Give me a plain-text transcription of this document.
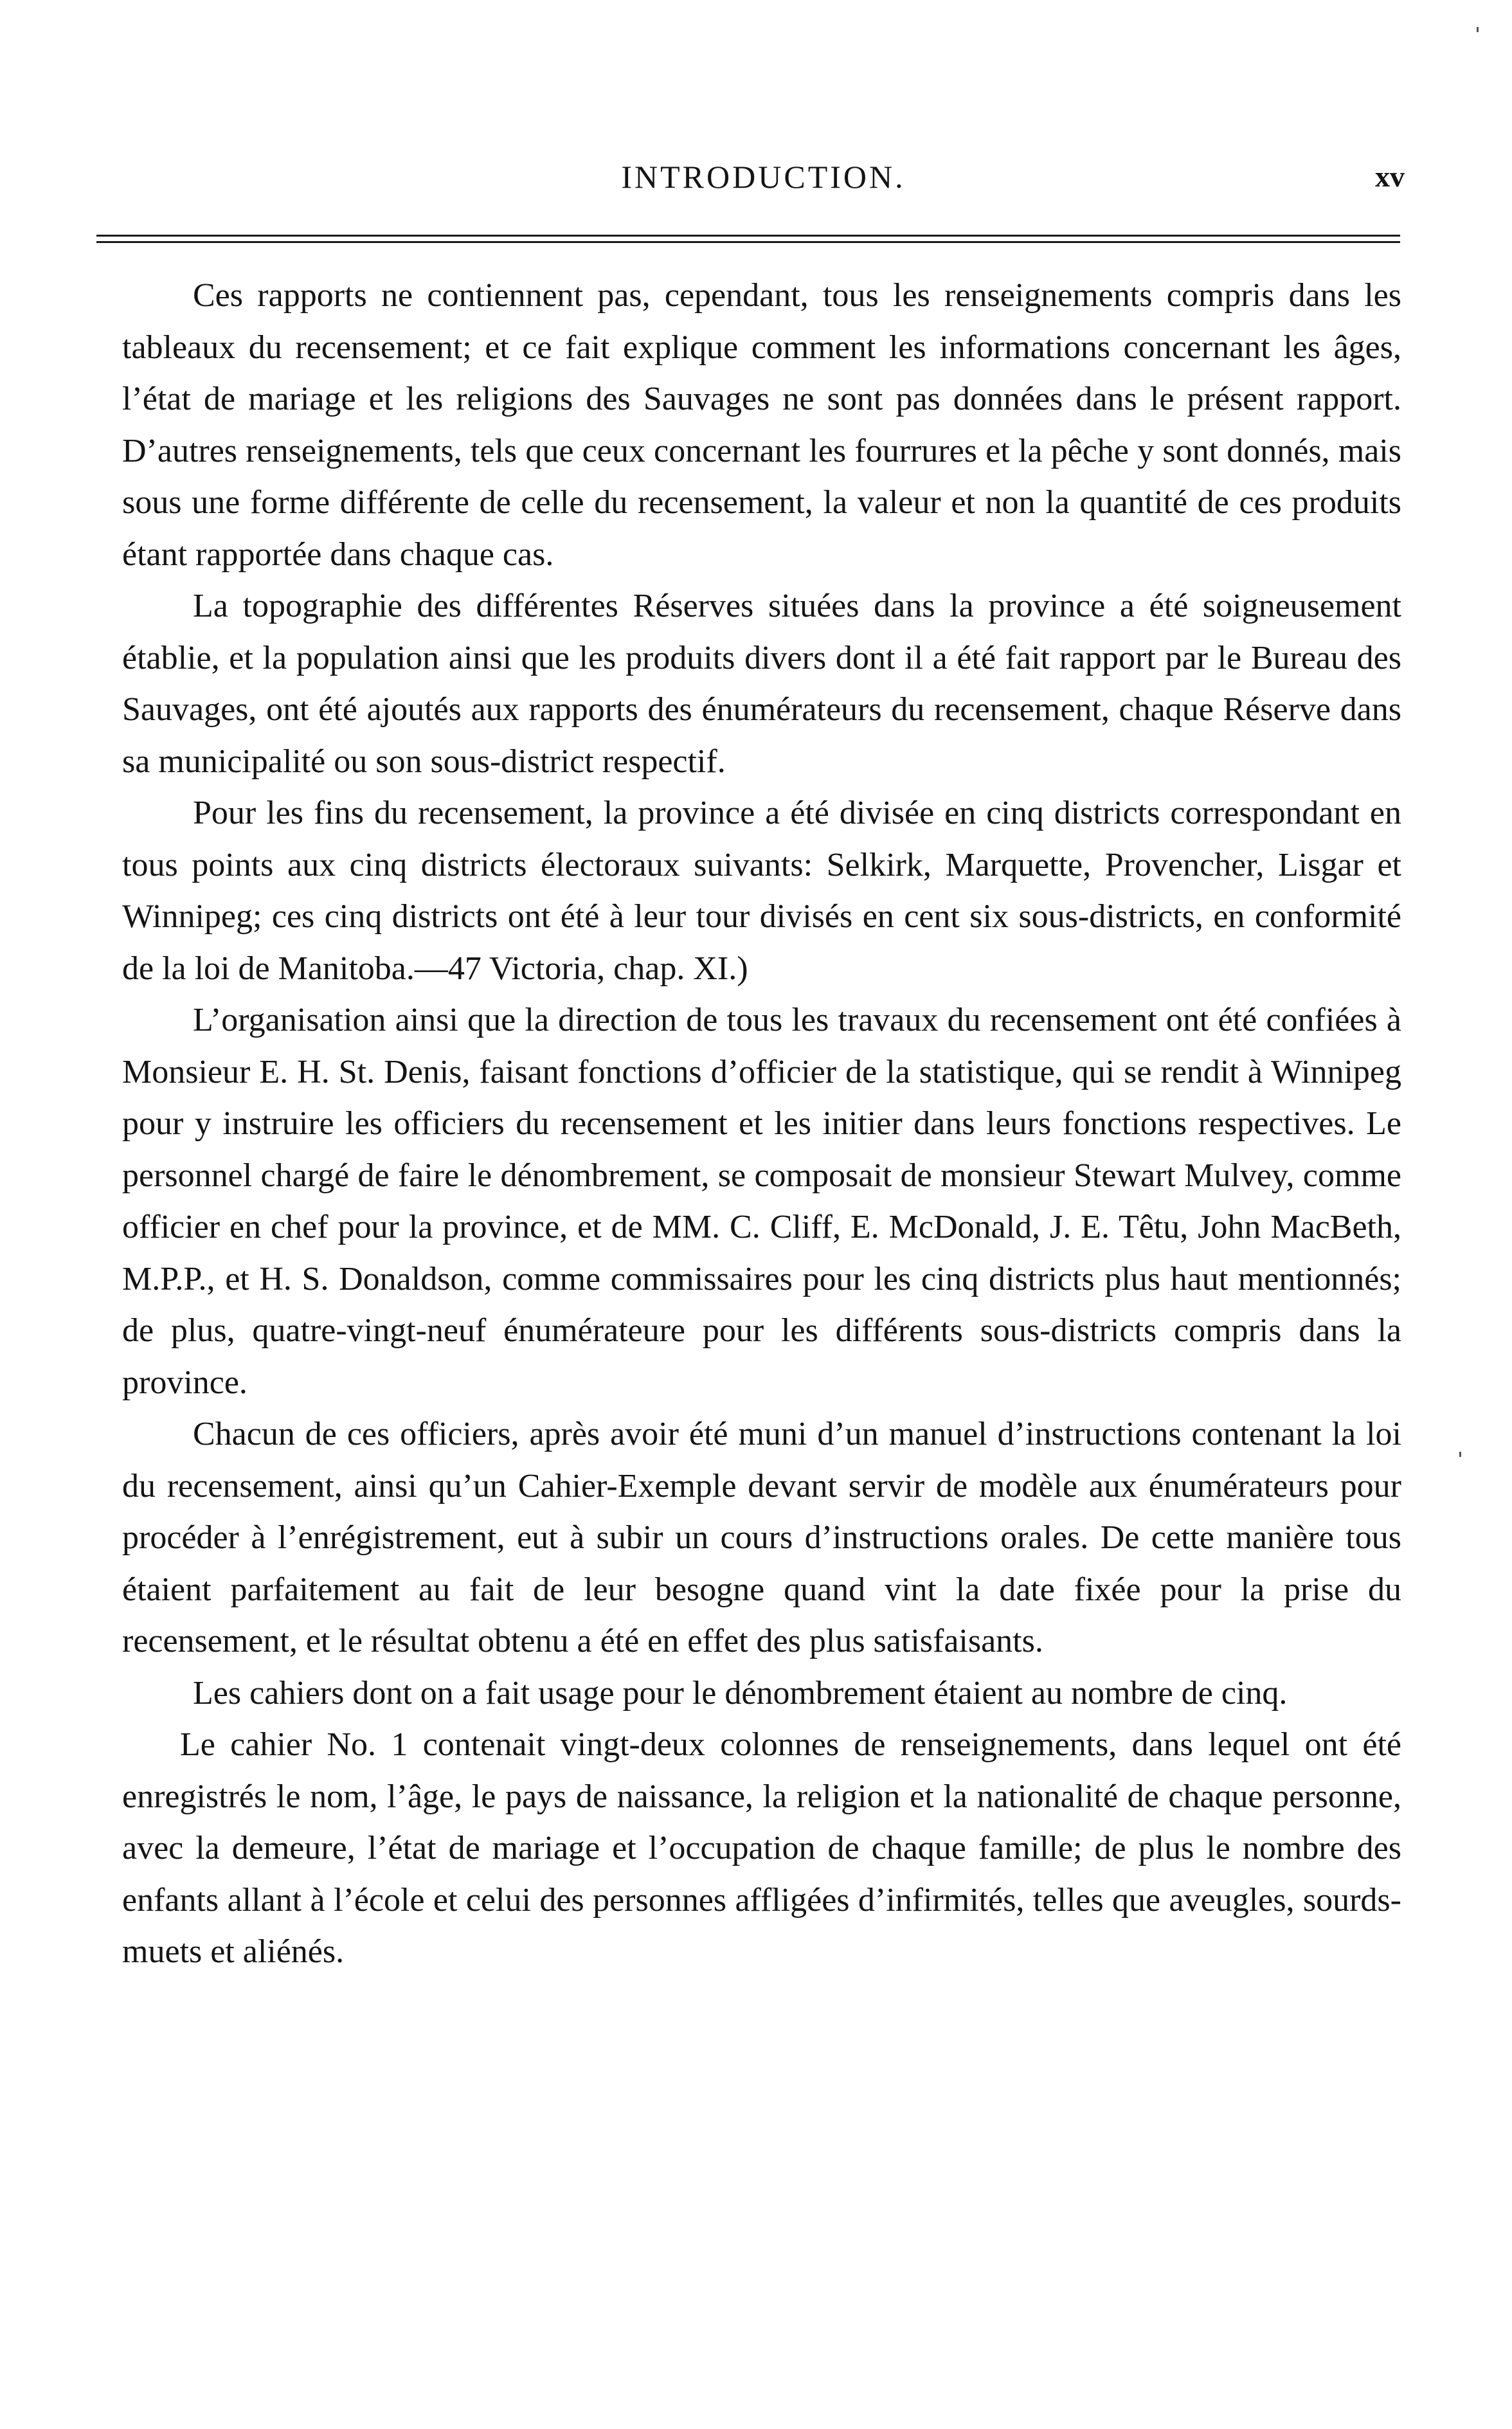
INTRODUCTION.	xv

Ces rapports ne contiennent pas, cependant, tous les renseignements compris dans les tableaux du recensement; et ce fait explique comment les informations concernant les âges, l’état de mariage et les religions des Sauvages ne sont pas données dans le présent rapport. D’autres renseignements, tels que ceux concernant les fourrures et la pêche y sont donnés, mais sous une forme différente de celle du recensement, la valeur et non la quantité de ces produits étant rapportée dans chaque cas.

La topographie des différentes Réserves situées dans la province a été soigneusement établie, et la population ainsi que les produits divers dont il a été fait rapport par le Bureau des Sauvages, ont été ajoutés aux rapports des énumérateurs du recensement, chaque Réserve dans sa municipalité ou son sous-district respectif.

Pour les fins du recensement, la province a été divisée en cinq districts correspondant en tous points aux cinq districts électoraux suivants: Selkirk, Marquette, Provencher, Lisgar et Winnipeg; ces cinq districts ont été à leur tour divisés en cent six sous-districts, en conformité de la loi de Manitoba.—47 Victoria, chap. XI.)

L’organisation ainsi que la direction de tous les travaux du recensement ont été confiées à Monsieur E. H. St. Denis, faisant fonctions d’officier de la statistique, qui se rendit à Winnipeg pour y instruire les officiers du recensement et les initier dans leurs fonctions respectives. Le personnel chargé de faire le dénombrement, se composait de monsieur Stewart Mulvey, comme officier en chef pour la province, et de MM. C. Cliff, E. McDonald, J. E. Têtu, John MacBeth, M.P.P., et H. S. Donaldson, comme commissaires pour les cinq districts plus haut mentionnés; de plus, quatre-vingt-neuf énumérateure pour les différents sous-districts compris dans la province.

Chacun de ces officiers, après avoir été muni d’un manuel d’instructions contenant la loi du recensement, ainsi qu’un Cahier-Exemple devant servir de modèle aux énumérateurs pour procéder à l’enrégistrement, eut à subir un cours d’instructions orales. De cette manière tous étaient parfaitement au fait de leur besogne quand vint la date fixée pour la prise du recensement, et le résultat obtenu a été en effet des plus satisfaisants.

Les cahiers dont on a fait usage pour le dénombrement étaient au nombre de cinq.

Le cahier No. 1 contenait vingt-deux colonnes de renseignements, dans lequel ont été enregistrés le nom, l’âge, le pays de naissance, la religion et la nationalité de chaque personne, avec la demeure, l’état de mariage et l’occupation de chaque famille; de plus le nombre des enfants allant à l’école et celui des personnes affligées d’infirmités, telles que aveugles, sourds-muets et aliénés.
